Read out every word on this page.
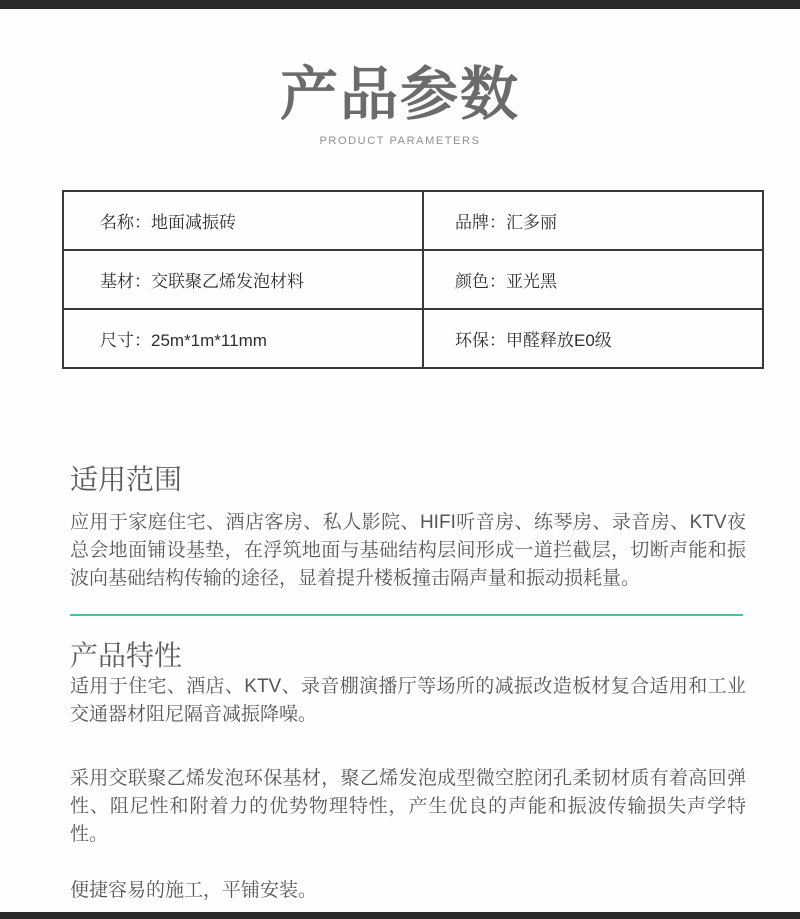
产品参数
PRODUCT PARAMETERS
名称：地面减振砖	品牌：汇多丽
基材：交联聚乙烯发泡材料	颜色：亚光黑
尺寸：25m*1m*11mm	环保：甲醛释放E0级
适用范围

应用于家庭住宅、酒店客房、私人影院、HIFI听音房、练琴房、录音房、KTV夜总会地面铺设基垫，在浮筑地面与基础结构层间形成一道拦截层，切断声能和振波向基础结构传输的途径，显着提升楼板撞击隔声量和振动损耗量。

产品特性

适用于住宅、酒店、KTV、录音棚演播厅等场所的减振改造板材复合适用和工业交通器材阻尼隔音减振降噪。

采用交联聚乙烯发泡环保基材，聚乙烯发泡成型微空腔闭孔柔韧材质有着高回弹性、阻尼性和附着力的优势物理特性，产生优良的声能和振波传输损失声学特性。

便捷容易的施工，平铺安装。
